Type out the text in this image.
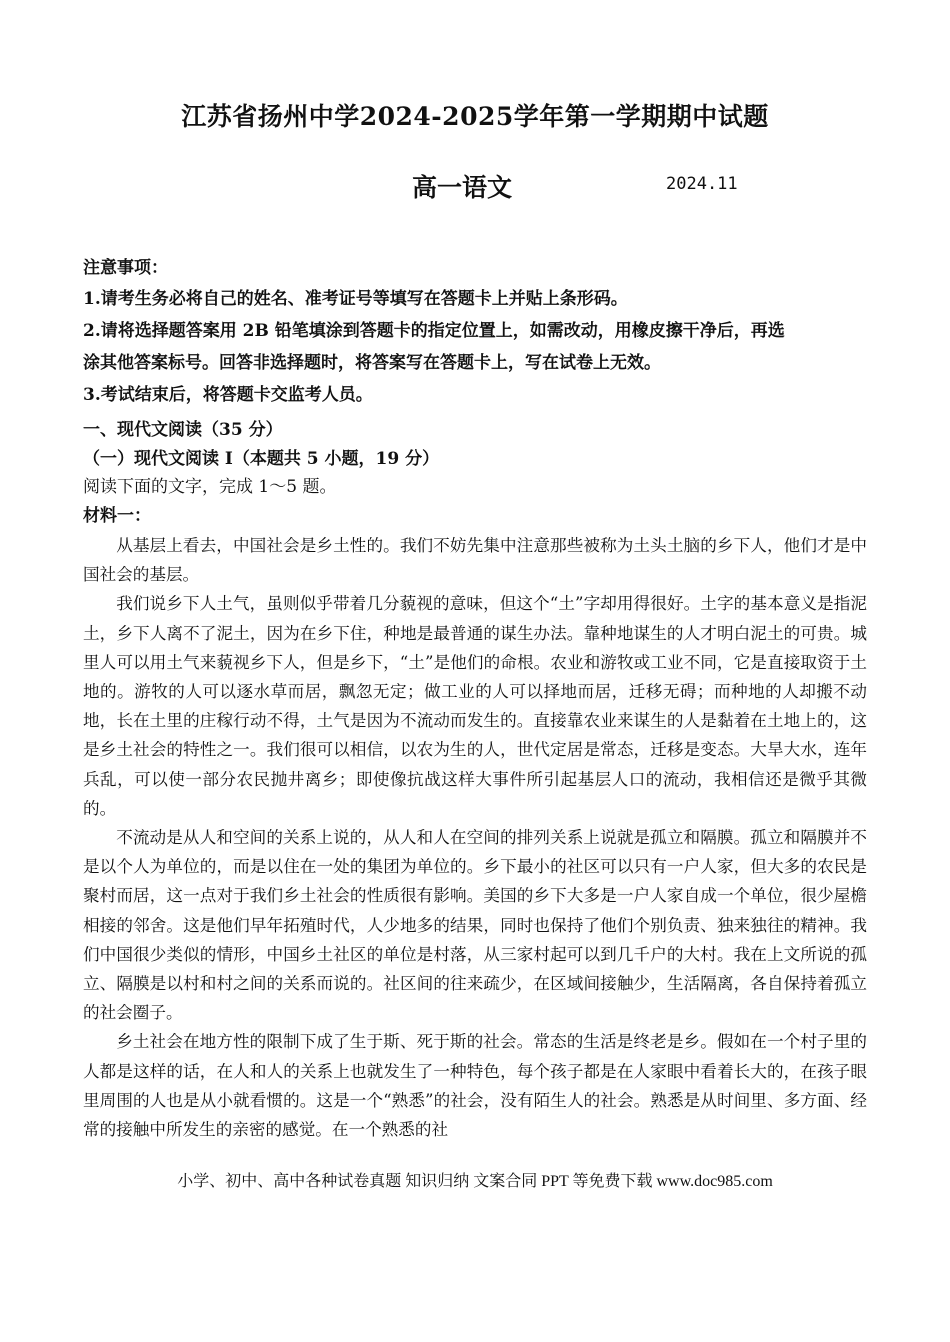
江苏省扬州中学2024-2025学年第一学期期中试题
高一语文	2024.11
注意事项：
1.请考生务必将自己的姓名、准考证号等填写在答题卡上并贴上条形码。
2.请将选择题答案用 2B 铅笔填涂到答题卡的指定位置上，如需改动，用橡皮擦干净后，再选
涂其他答案标号。回答非选择题时，将答案写在答题卡上，写在试卷上无效。
3.考试结束后，将答题卡交监考人员。
一、现代文阅读（35 分）
（一）现代文阅读 I（本题共 5 小题，19 分）
阅读下面的文字，完成 1～5 题。
材料一：

从基层上看去，中国社会是乡土性的。我们不妨先集中注意那些被称为土头土脑的乡下人，他们才是中国社会的基层。

我们说乡下人土气，虽则似乎带着几分藐视的意味，但这个“土”字却用得很好。土字的基本意义是指泥土，乡下人离不了泥土，因为在乡下住，种地是最普通的谋生办法。靠种地谋生的人才明白泥土的可贵。城里人可以用土气来藐视乡下人，但是乡下，“土”是他们的命根。农业和游牧或工业不同，它是直接取资于土地的。游牧的人可以逐水草而居，飘忽无定；做工业的人可以择地而居，迁移无碍；而种地的人却搬不动地，长在土里的庄稼行动不得，土气是因为不流动而发生的。直接靠农业来谋生的人是黏着在土地上的，这是乡土社会的特性之一。我们很可以相信，以农为生的人，世代定居是常态，迁移是变态。大旱大水，连年兵乱，可以使一部分农民抛井离乡；即使像抗战这样大事件所引起基层人口的流动，我相信还是微乎其微的。

不流动是从人和空间的关系上说的，从人和人在空间的排列关系上说就是孤立和隔膜。孤立和隔膜并不是以个人为单位的，而是以住在一处的集团为单位的。乡下最小的社区可以只有一户人家，但大多的农民是聚村而居，这一点对于我们乡土社会的性质很有影响。美国的乡下大多是一户人家自成一个单位，很少屋檐相接的邻舍。这是他们早年拓殖时代，人少地多的结果，同时也保持了他们个别负责、独来独往的精神。我们中国很少类似的情形，中国乡土社区的单位是村落，从三家村起可以到几千户的大村。我在上文所说的孤立、隔膜是以村和村之间的关系而说的。社区间的往来疏少，在区域间接触少，生活隔离，各自保持着孤立的社会圈子。

乡土社会在地方性的限制下成了生于斯、死于斯的社会。常态的生活是终老是乡。假如在一个村子里的人都是这样的话，在人和人的关系上也就发生了一种特色，每个孩子都是在人家眼中看着长大的，在孩子眼里周围的人也是从小就看惯的。这是一个“熟悉”的社会，没有陌生人的社会。熟悉是从时间里、多方面、经常的接触中所发生的亲密的感觉。在一个熟悉的社

小学、初中、高中各种试卷真题 知识归纳 文案合同 PPT 等免费下载 www.doc985.com
